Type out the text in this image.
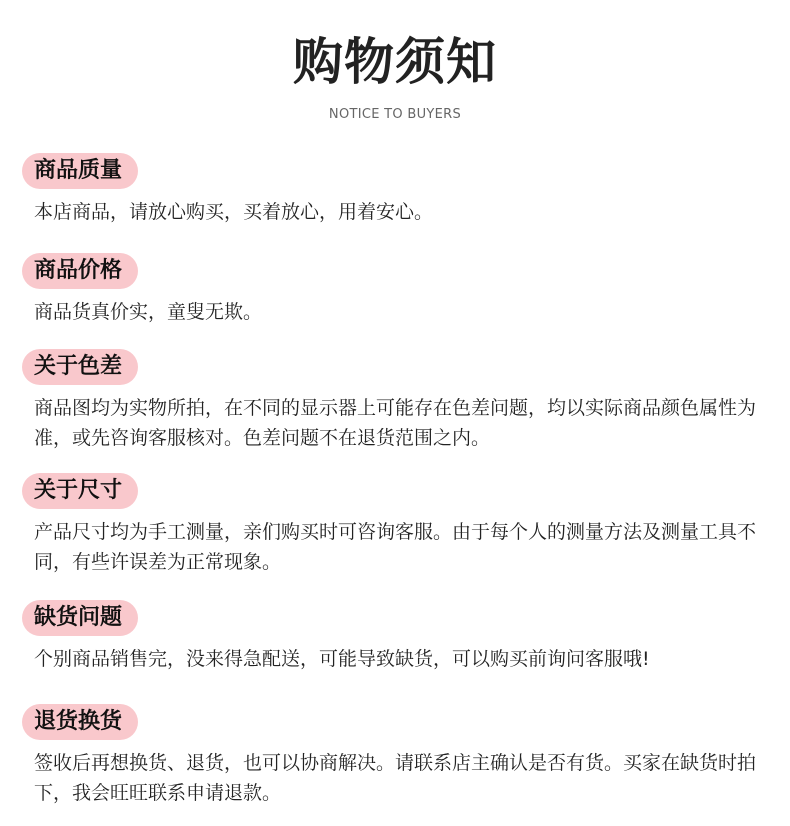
购物须知
NOTICE TO BUYERS
商品质量
本店商品，请放心购买，买着放心，用着安心。
商品价格
商品货真价实，童叟无欺。
关于色差
商品图均为实物所拍，在不同的显示器上可能存在色差问题，均以实际商品颜色属性为准，或先咨询客服核对。色差问题不在退货范围之内。
关于尺寸
产品尺寸均为手工测量，亲们购买时可咨询客服。由于每个人的测量方法及测量工具不同，有些许误差为正常现象。
缺货问题
个别商品销售完，没来得急配送，可能导致缺货，可以购买前询问客服哦!
退货换货
签收后再想换货、退货，也可以协商解决。请联系店主确认是否有货。买家在缺货时拍下，我会旺旺联系申请退款。
